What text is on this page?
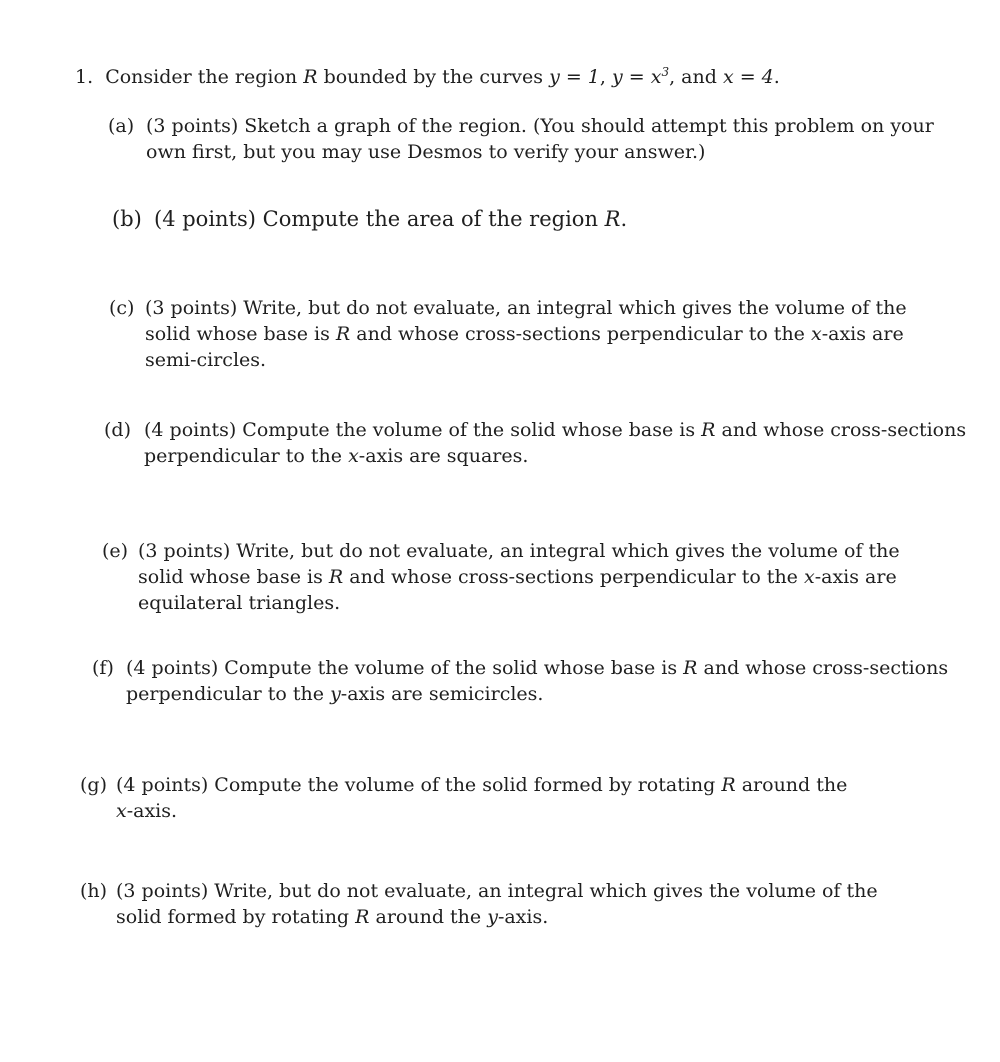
1. Consider the region R bounded by the curves y = 1, $y = x^3$, and x = 4.
(a) (3 points) Sketch a graph of the region. (You should attempt this problem on your
own first, but you may use Desmos to verify your answer.)
(b) (4 points) Compute the area of the region R.
(c) (3 points) Write, but do not evaluate, an integral which gives the volume of the
solid whose base is R and whose cross-sections perpendicular to the x-axis are
semi-circles.
(d) (4 points) Compute the volume of the solid whose base is R and whose cross-sections
perpendicular to the x-axis are squares.
(e) (3 points) Write, but do not evaluate, an integral which gives the volume of the
solid whose base is R and whose cross-sections perpendicular to the x-axis are
equilateral triangles.
(f) (4 points) Compute the volume of the solid whose base is R and whose cross-sections
perpendicular to the y-axis are semicircles.
(g) (4 points) Compute the volume of the solid formed by rotating R around the
x-axis.
(h) (3 points) Write, but do not evaluate, an integral which gives the volume of the
solid formed by rotating R around the y-axis.
